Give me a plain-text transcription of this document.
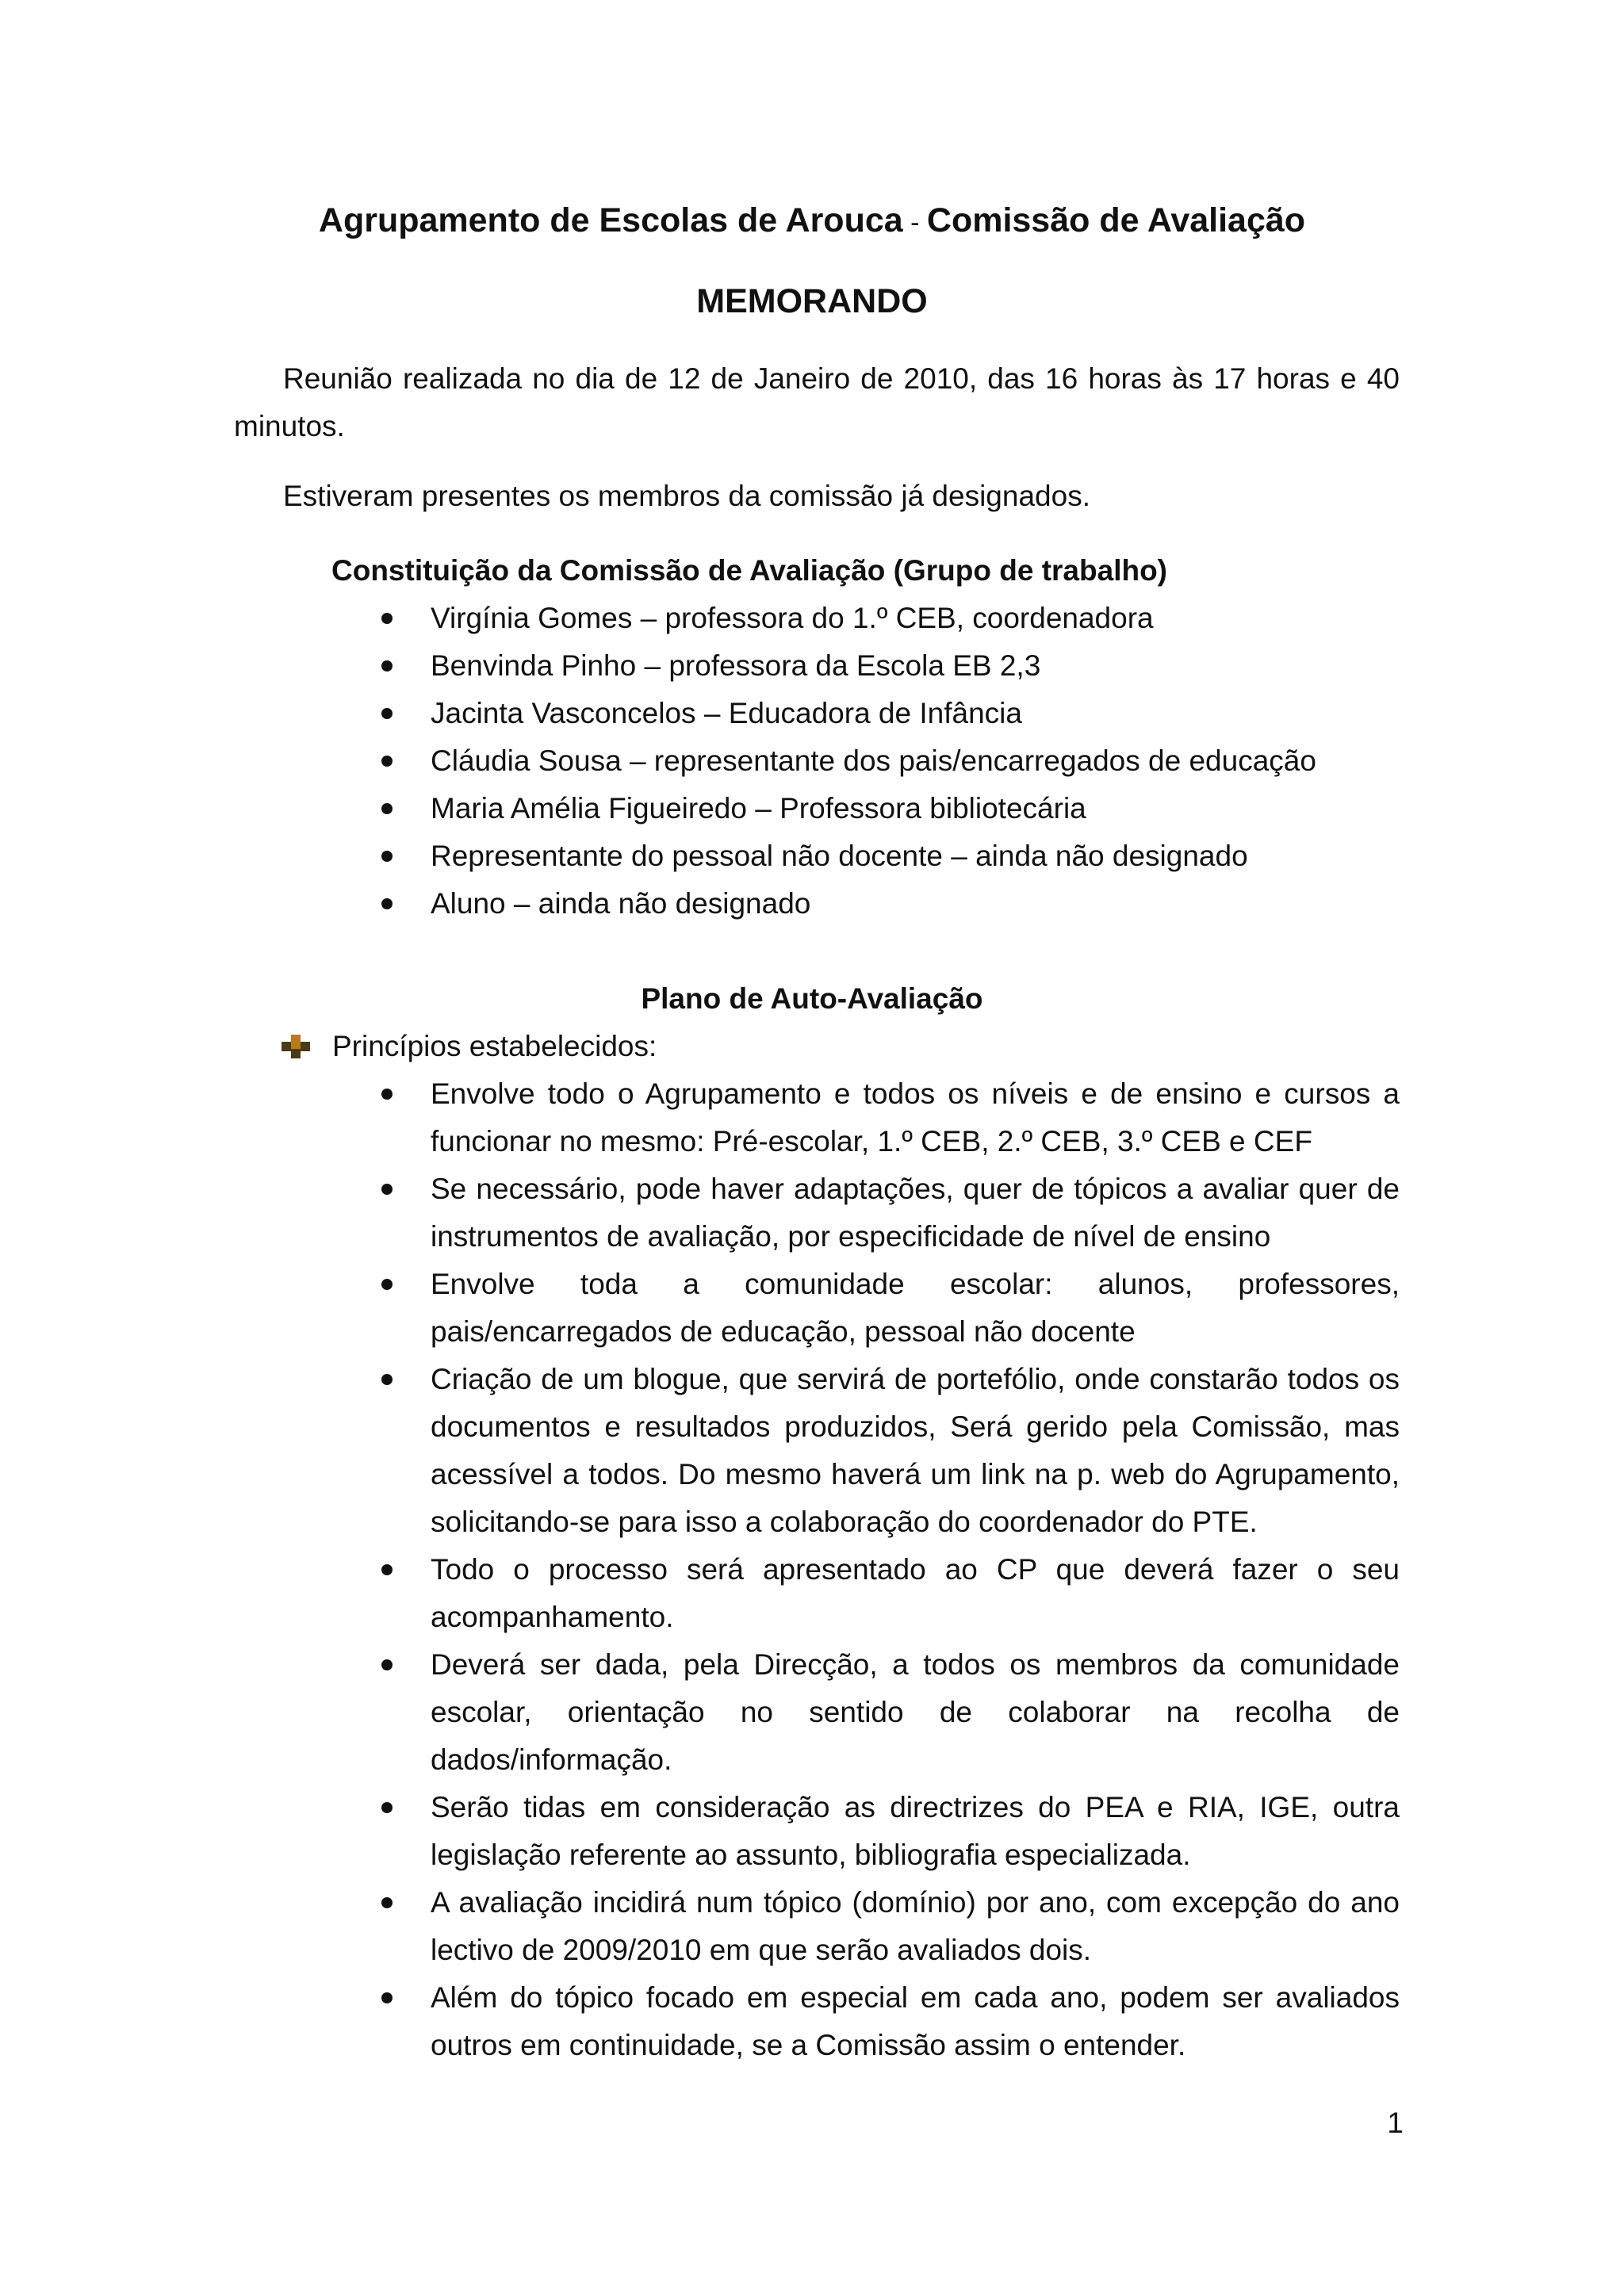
Agrupamento de Escolas de Arouca - Comissão de Avaliação
MEMORANDO

Reunião realizada no dia de 12 de Janeiro de 2010, das 16 horas às 17 horas e 40 minutos.

Estiveram presentes os membros da comissão já designados.

Constituição da Comissão de Avaliação (Grupo de trabalho)
Virgínia Gomes – professora do 1.º CEB, coordenadora
Benvinda Pinho – professora da Escola EB 2,3
Jacinta Vasconcelos – Educadora de Infância
Cláudia Sousa – representante dos pais/encarregados de educação
Maria Amélia Figueiredo – Professora bibliotecária
Representante do pessoal não docente – ainda não designado
Aluno – ainda não designado
Plano de Auto-Avaliação
Princípios estabelecidos:
Envolve todo o Agrupamento e todos os níveis e de ensino e cursos a funcionar no mesmo: Pré-escolar, 1.º CEB, 2.º CEB, 3.º CEB e CEF
Se necessário, pode haver adaptações, quer de tópicos a avaliar quer de instrumentos de avaliação, por especificidade de nível de ensino
Envolve toda a comunidade escolar: alunos, professores, pais/encarregados de educação, pessoal não docente
Criação de um blogue, que servirá de portefólio, onde constarão todos os documentos e resultados produzidos, Será gerido pela Comissão, mas acessível a todos. Do mesmo haverá um link na p. web do Agrupamento, solicitando-se para isso a colaboração do coordenador do PTE.
Todo o processo será apresentado ao CP que deverá fazer o seu acompanhamento.
Deverá ser dada, pela Direcção, a todos os membros da comunidade escolar, orientação no sentido de colaborar na recolha de dados/informação.
Serão tidas em consideração as directrizes do PEA e RIA, IGE, outra legislação referente ao assunto, bibliografia especializada.
A avaliação incidirá num tópico (domínio) por ano, com excepção do ano lectivo de 2009/2010 em que serão avaliados dois.
Além do tópico focado em especial em cada ano, podem ser avaliados outros em continuidade, se a Comissão assim o entender.
1
